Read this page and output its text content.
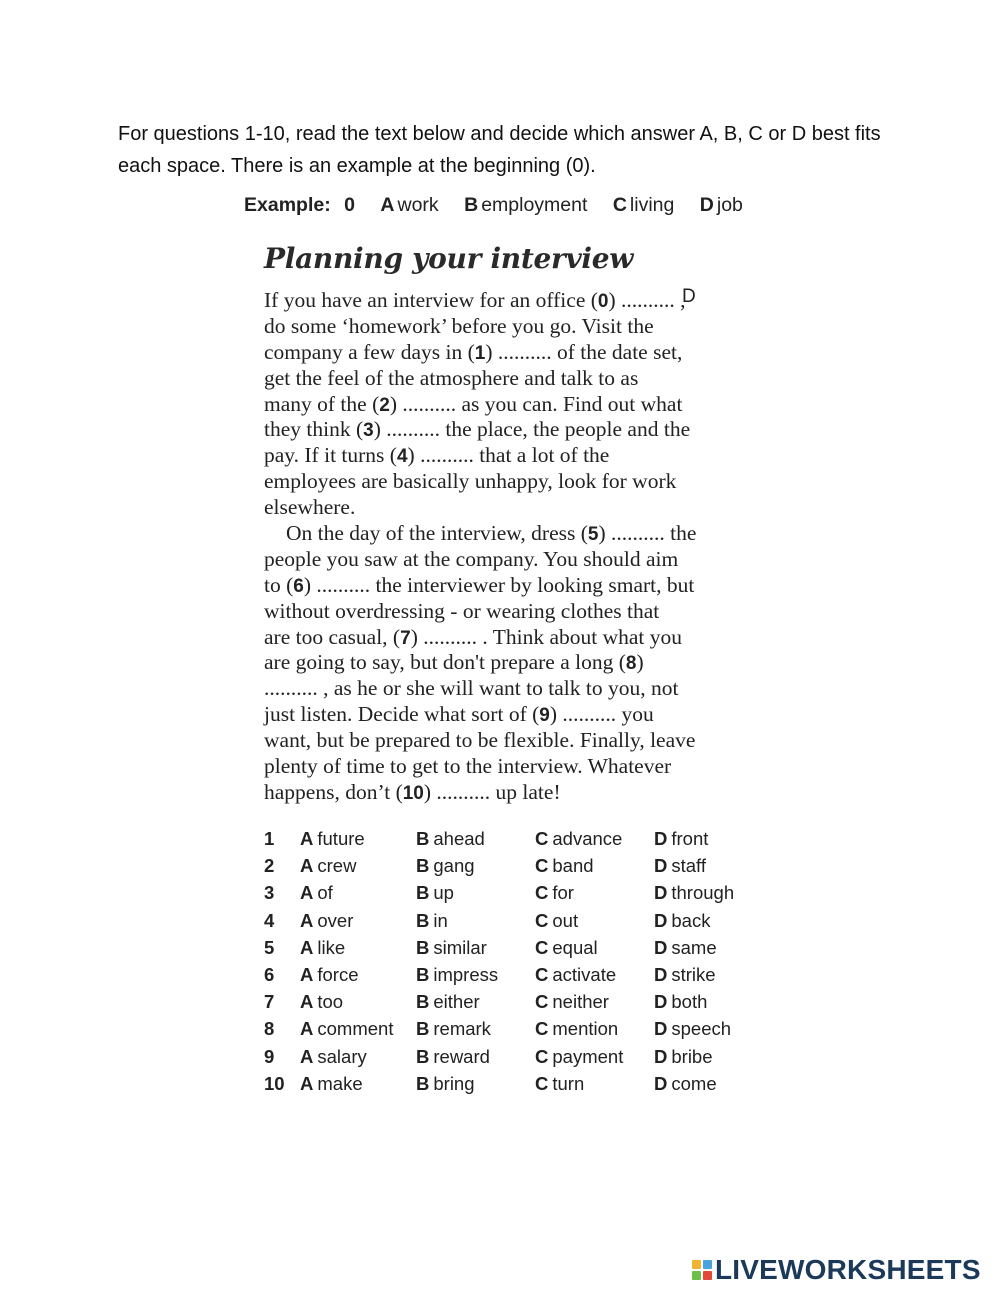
For questions 1-10, read the text below and decide which answer A, B, C or D best fits each space. There is an example at the beginning (0).
Example: 0 A work B employment C living D job
Planning your interview
D
If you have an interview for an office (0) .......... ,
do some ‘homework’ before you go. Visit the
company a few days in (1) .......... of the date set,
get the feel of the atmosphere and talk to as
many of the (2) .......... as you can. Find out what
they think (3) .......... the place, the people and the
pay. If it turns (4) .......... that a lot of the
employees are basically unhappy, look for work
elsewhere.
On the day of the interview, dress (5) .......... the
people you saw at the company. You should aim
to (6) .......... the interviewer by looking smart, but
without overdressing - or wearing clothes that
are too casual, (7) .......... . Think about what you
are going to say, but don't prepare a long (8)
.......... , as he or she will want to talk to you, not
just listen. Decide what sort of (9) .......... you
want, but be prepared to be flexible. Finally, leave
plenty of time to get to the interview. Whatever
happens, don’t (10) .......... up late!
1 A future	B ahead	C advance D front
2 A crew	B gang	C band	D staff
3 A of	B up	C for	D through
4 A over	B in	C out	D back
5 A like	B similar	C equal	D same
6 A force	B impress C activate D strike
7 A too	B either	C neither D both
8 A comment B remark C mention D speech
9 A salary	B reward C payment D bribe
10 A make	B bring	C turn	D come
LIVEWORKSHEETS
